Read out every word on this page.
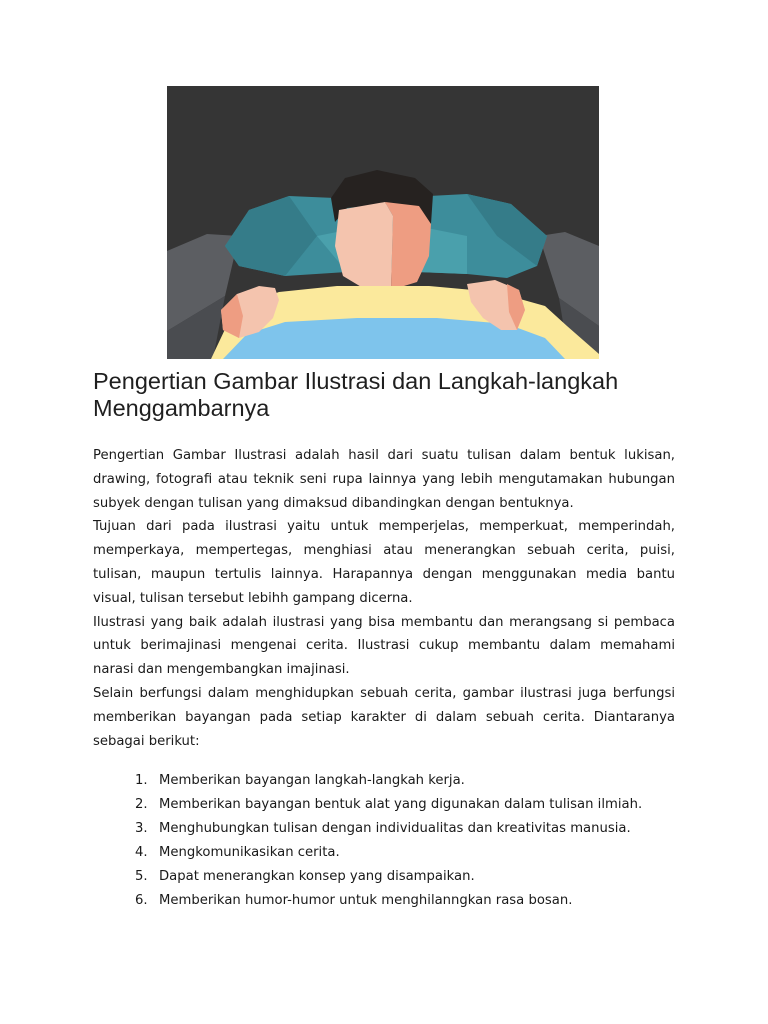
Pengertian Gambar Ilustrasi dan Langkah-langkah Menggambarnya

Pengertian Gambar Ilustrasi adalah hasil dari suatu tulisan dalam bentuk lukisan, drawing, fotografi atau teknik seni rupa lainnya yang lebih mengutamakan hubungan subyek dengan tulisan yang dimaksud dibandingkan dengan bentuknya.

Tujuan dari pada ilustrasi yaitu untuk memperjelas, memperkuat, memperindah, memperkaya, mempertegas, menghiasi atau menerangkan sebuah cerita, puisi, tulisan, maupun tertulis lainnya. Harapannya dengan menggunakan media bantu visual, tulisan tersebut lebihh gampang dicerna.

Ilustrasi yang baik adalah ilustrasi yang bisa membantu dan merangsang si pembaca untuk berimajinasi mengenai cerita. Ilustrasi cukup membantu dalam memahami narasi dan mengembangkan imajinasi.

Selain berfungsi dalam menghidupkan sebuah cerita, gambar ilustrasi juga berfungsi memberikan bayangan pada setiap karakter di dalam sebuah cerita. Diantaranya sebagai berikut:

1. Memberikan bayangan langkah-langkah kerja.
2. Memberikan bayangan bentuk alat yang digunakan dalam tulisan ilmiah.
3. Menghubungkan tulisan dengan individualitas dan kreativitas manusia.
4. Mengkomunikasikan cerita.
5. Dapat menerangkan konsep yang disampaikan.
6. Memberikan humor-humor untuk menghilanngkan rasa bosan.
